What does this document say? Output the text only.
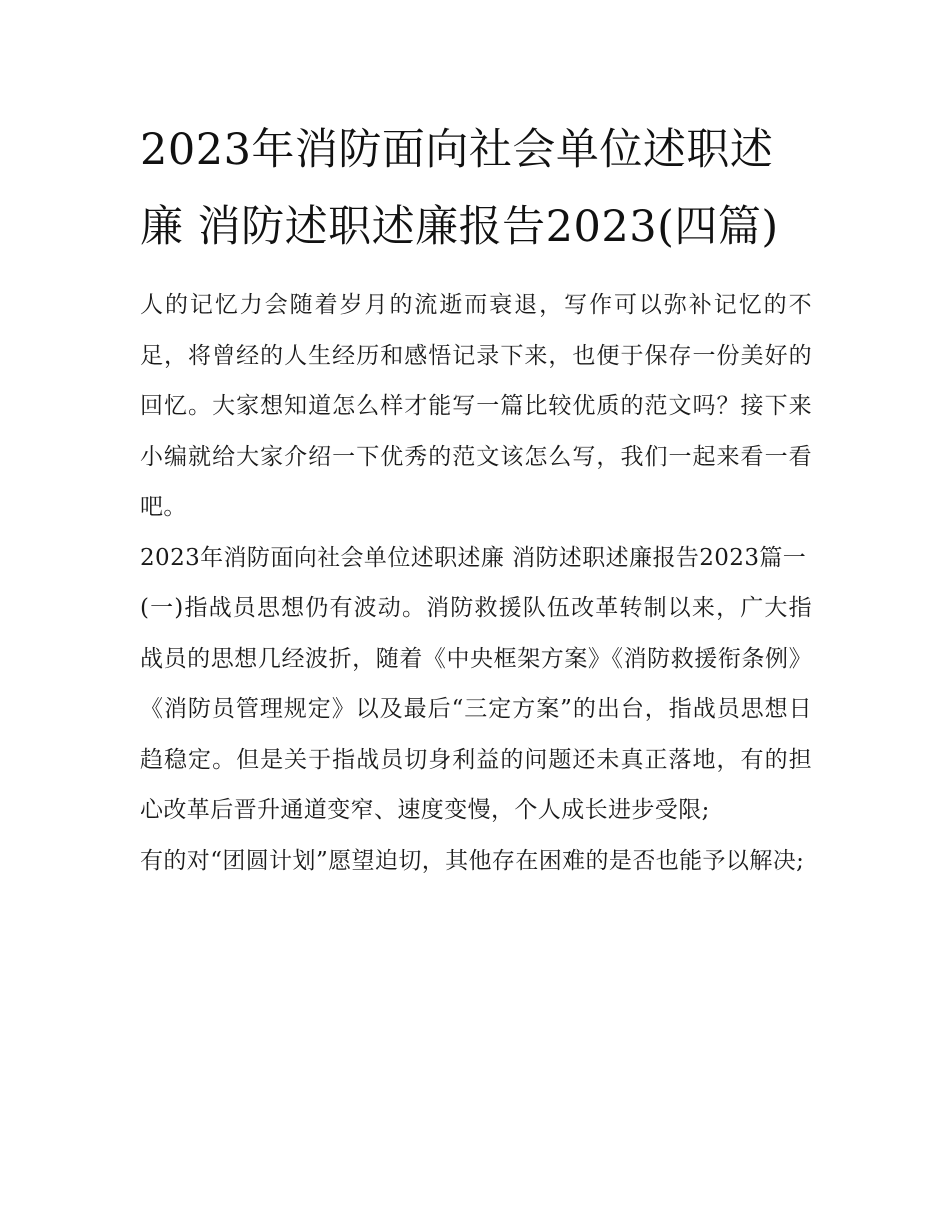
2023年消防面向社会单位述职述廉 消防述职述廉报告2023(四篇)

人的记忆力会随着岁月的流逝而衰退，写作可以弥补记忆的不足，将曾经的人生经历和感悟记录下来，也便于保存一份美好的回忆。大家想知道怎么样才能写一篇比较优质的范文吗？接下来小编就给大家介绍一下优秀的范文该怎么写，我们一起来看一看吧。

2023年消防面向社会单位述职述廉 消防述职述廉报告2023篇一

(一)指战员思想仍有波动。消防救援队伍改革转制以来，广大指战员的思想几经波折，随着《中央框架方案》《消防救援衔条例》《消防员管理规定》以及最后“三定方案”的出台，指战员思想日趋稳定。但是关于指战员切身利益的问题还未真正落地，有的担心改革后晋升通道变窄、速度变慢，个人成长进步受限;

有的对“团圆计划”愿望迫切，其他存在困难的是否也能予以解决;
